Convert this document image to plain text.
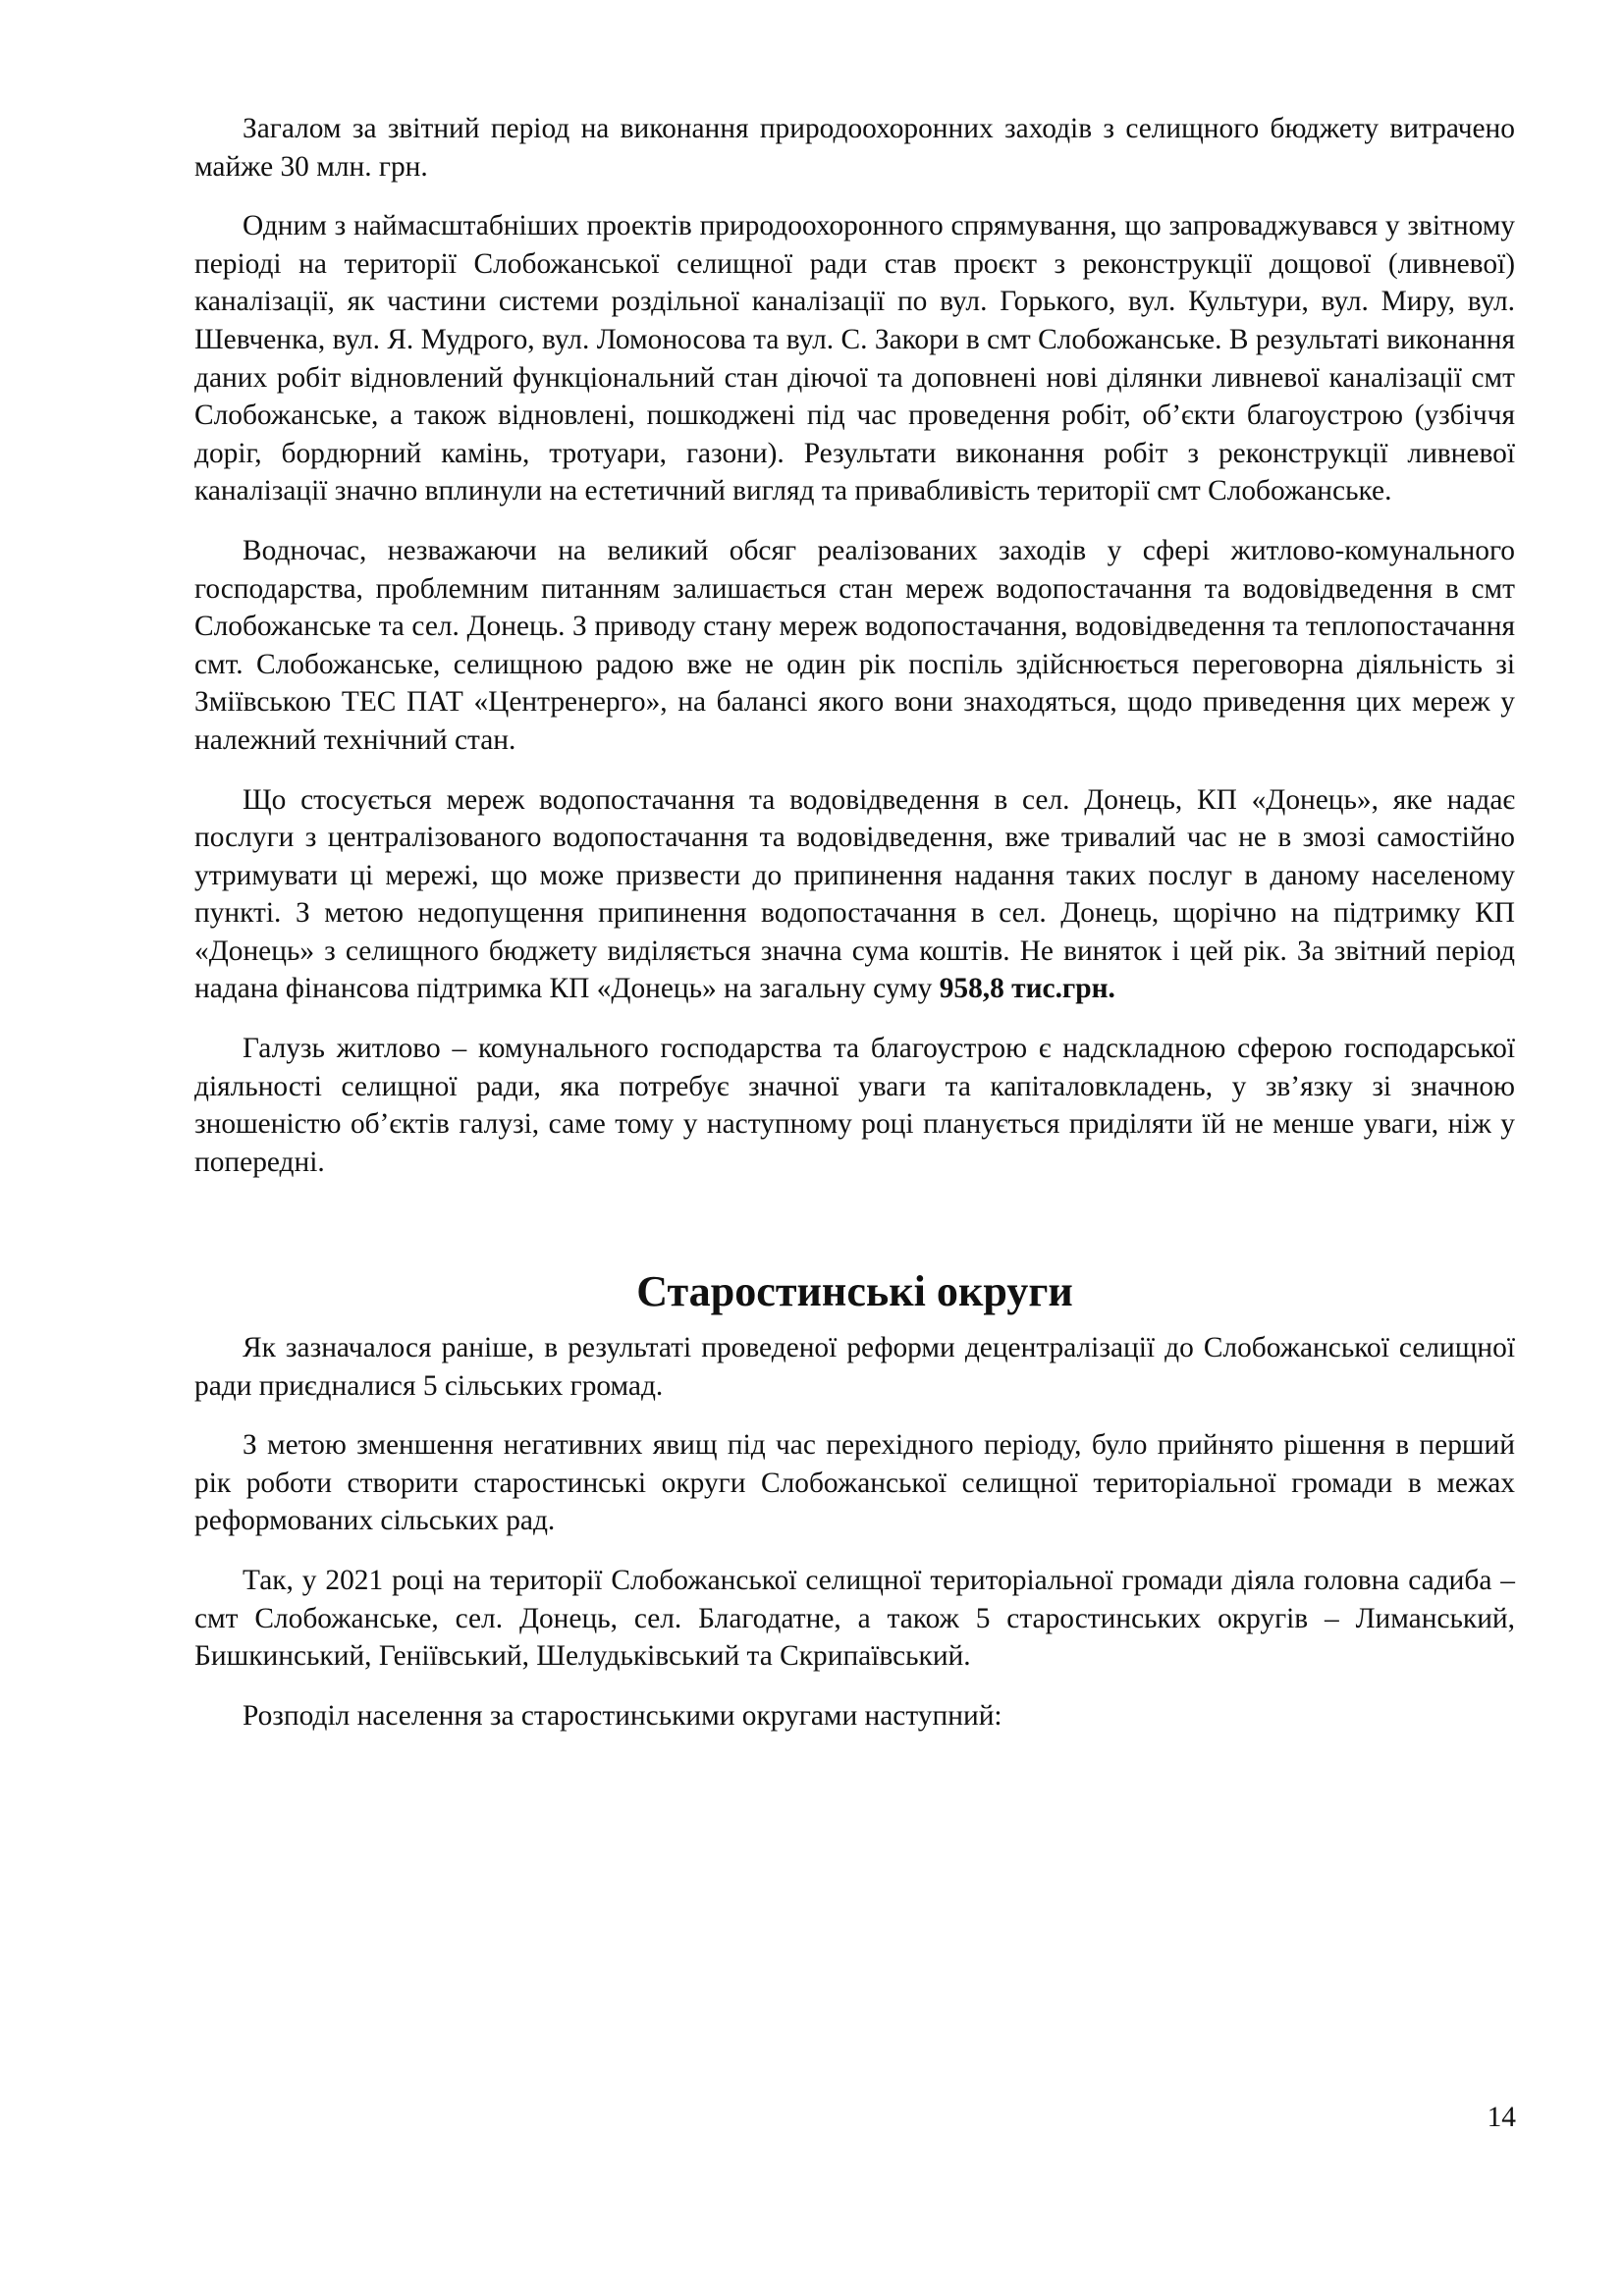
Загалом за звітний період на виконання природоохоронних заходів з селищного бюджету витрачено майже 30 млн. грн.

Одним з наймасштабніших проектів природоохоронного спрямування, що запроваджувався у звітному періоді на території Слобожанської селищної ради став проєкт з реконструкції дощової (ливневої) каналізації, як частини системи роздільної каналізації по вул. Горького, вул. Культури, вул. Миру, вул. Шевченка, вул. Я. Мудрого, вул. Ломоносова та вул. С. Закори в смт Слобожанське. В результаті виконання даних робіт відновлений функціональний стан діючої та доповнені нові ділянки ливневої каналізації смт Слобожанське, а також відновлені, пошкоджені під час проведення робіт, об’єкти благоустрою (узбіччя доріг, бордюрний камінь, тротуари, газони). Результати виконання робіт з реконструкції ливневої каналізації значно вплинули на естетичний вигляд та привабливість території смт Слобожанське.

Водночас, незважаючи на великий обсяг реалізованих заходів у сфері житлово-комунального господарства, проблемним питанням залишається стан мереж водопостачання та водовідведення в смт Слобожанське та сел. Донець. З приводу стану мереж водопостачання, водовідведення та теплопостачання смт. Слобожанське, селищною радою вже не один рік поспіль здійснюється переговорна діяльність зі Зміївською ТЕС ПАТ «Центренерго», на балансі якого вони знаходяться, щодо приведення цих мереж у належний технічний стан.

Що стосується мереж водопостачання та водовідведення в сел. Донець, КП «Донець», яке надає послуги з централізованого водопостачання та водовідведення, вже тривалий час не в змозі самостійно утримувати ці мережі, що може призвести до припинення надання таких послуг в даному населеному пункті. З метою недопущення припинення водопостачання в сел. Донець, щорічно на підтримку КП «Донець» з селищного бюджету виділяється значна сума коштів. Не виняток і цей рік. За звітний період надана фінансова підтримка КП «Донець» на загальну суму 958,8 тис.грн.

Галузь житлово – комунального господарства та благоустрою є надскладною сферою господарської діяльності селищної ради, яка потребує значної уваги та капіталовкладень, у зв’язку зі значною зношеністю об’єктів галузі, саме тому у наступному році планується приділяти їй не менше уваги, ніж у попередні.

Старостинські округи

Як зазначалося раніше, в результаті проведеної реформи децентралізації до Слобожанської селищної ради приєдналися 5 сільських громад.

З метою зменшення негативних явищ під час перехідного періоду, було прийнято рішення в перший рік роботи створити старостинські округи Слобожанської селищної територіальної громади в межах реформованих сільських рад.

Так, у 2021 році на території Слобожанської селищної територіальної громади діяла головна садиба – смт Слобожанське, сел. Донець, сел. Благодатне, а також 5 старостинських округів – Лиманський, Бишкинський, Геніївський, Шелудьківський та Скрипаївський.

Розподіл населення за старостинськими округами наступний:

14
